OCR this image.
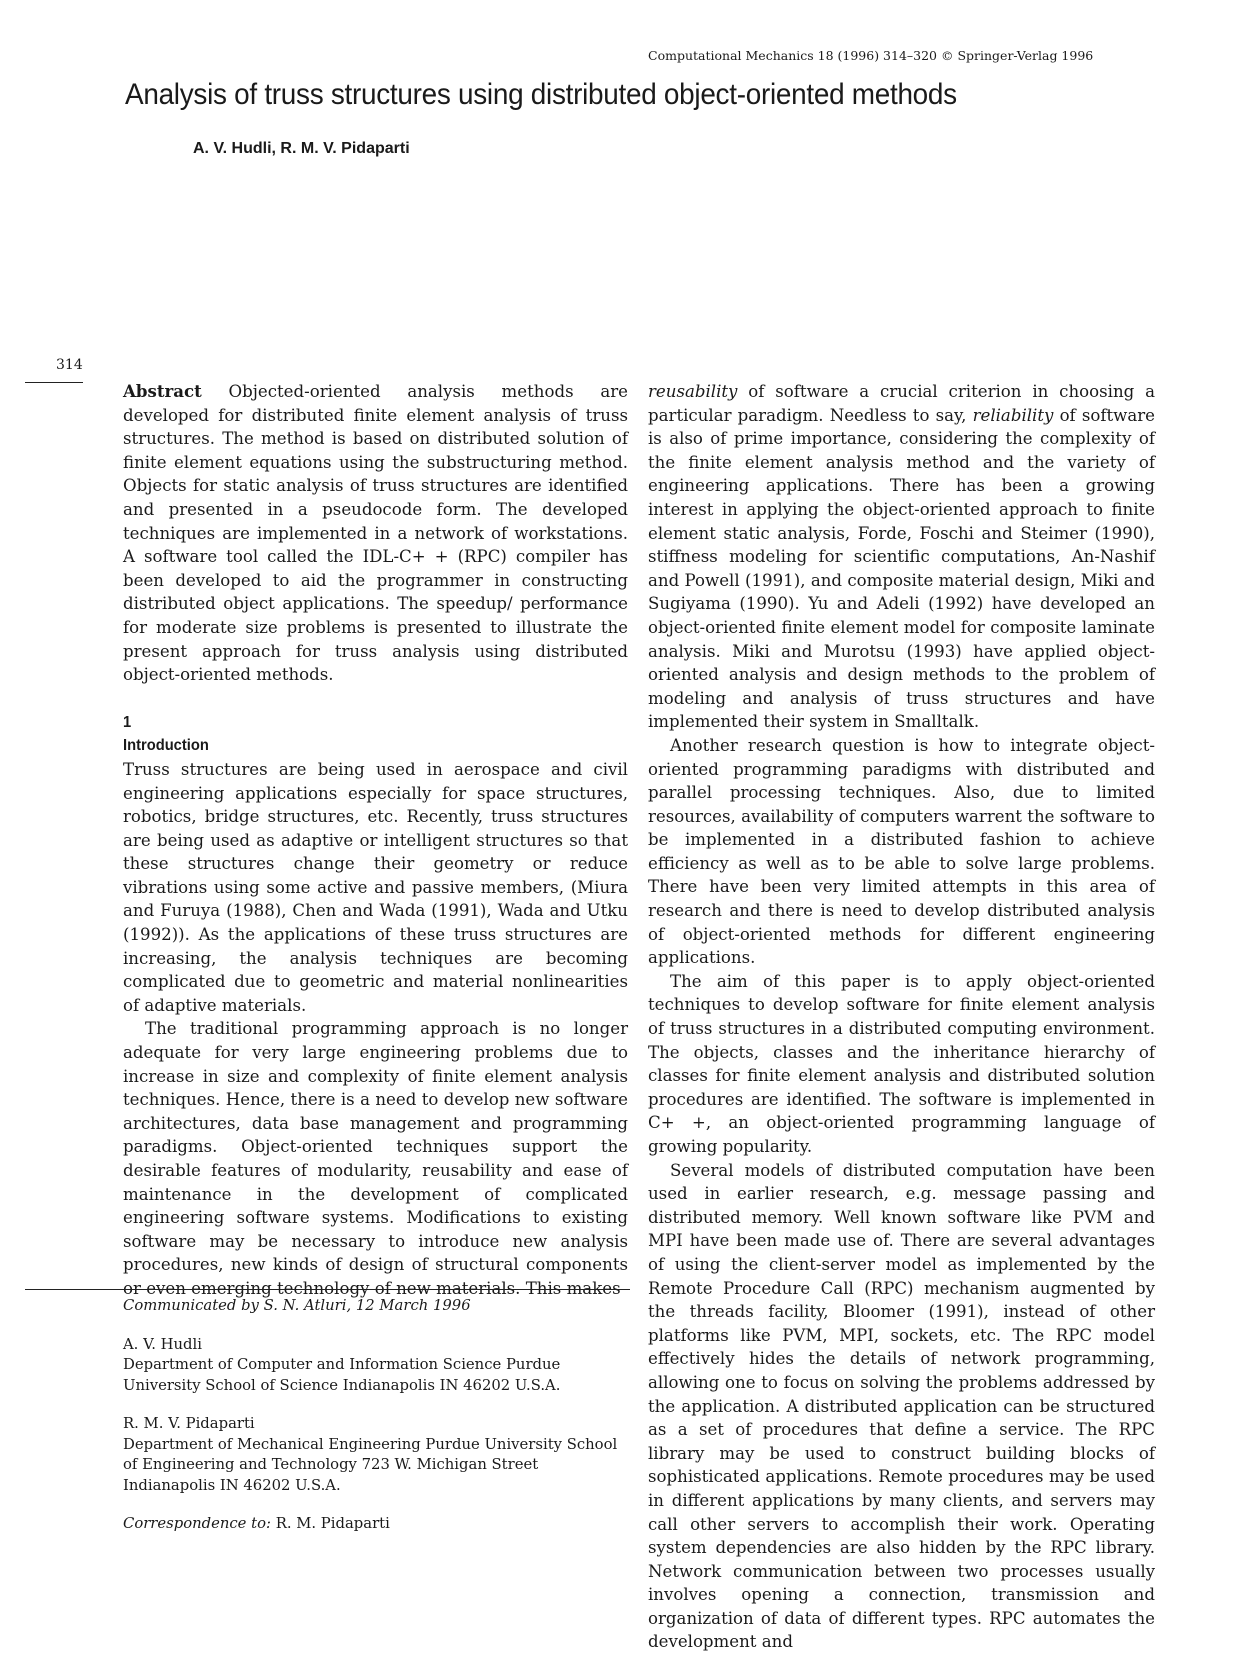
Computational Mechanics 18 (1996) 314–320 © Springer-Verlag 1996
Analysis of truss structures using distributed object-oriented methods
A. V. Hudli, R. M. V. Pidaparti
314

Abstract Objected-oriented analysis methods are developed for distributed finite element analysis of truss structures. The method is based on distributed solution of finite element equations using the substructuring method. Objects for static analysis of truss structures are identified and presented in a pseudocode form. The developed techniques are implemented in a network of workstations. A software tool called the IDL-C+ + (RPC) compiler has been developed to aid the programmer in constructing distributed object applications. The speedup/ performance for moderate size problems is presented to illustrate the present approach for truss analysis using distributed object-oriented methods.

1
Introduction

Truss structures are being used in aerospace and civil engineering applications especially for space structures, robotics, bridge structures, etc. Recently, truss structures are being used as adaptive or intelligent structures so that these structures change their geometry or reduce vibrations using some active and passive members, (Miura and Furuya (1988), Chen and Wada (1991), Wada and Utku (1992)). As the applications of these truss structures are increasing, the analysis techniques are becoming complicated due to geometric and material nonlinearities of adaptive materials.

The traditional programming approach is no longer adequate for very large engineering problems due to increase in size and complexity of finite element analysis techniques. Hence, there is a need to develop new software architectures, data base management and programming paradigms. Object-oriented techniques support the desirable features of modularity, reusability and ease of maintenance in the development of complicated engineering software systems. Modifications to existing software may be necessary to introduce new analysis procedures, new kinds of design of structural components or even emerging technology of new materials. This makes

reusability of software a crucial criterion in choosing a particular paradigm. Needless to say, reliability of software is also of prime importance, considering the complexity of the finite element analysis method and the variety of engineering applications. There has been a growing interest in applying the object-oriented approach to finite element static analysis, Forde, Foschi and Steimer (1990), stiffness modeling for scientific computations, An-Nashif and Powell (1991), and composite material design, Miki and Sugiyama (1990). Yu and Adeli (1992) have developed an object-oriented finite element model for composite laminate analysis. Miki and Murotsu (1993) have applied object-oriented analysis and design methods to the problem of modeling and analysis of truss structures and have implemented their system in Smalltalk.

Another research question is how to integrate object-oriented programming paradigms with distributed and parallel processing techniques. Also, due to limited resources, availability of computers warrent the software to be implemented in a distributed fashion to achieve efficiency as well as to be able to solve large problems. There have been very limited attempts in this area of research and there is need to develop distributed analysis of object-oriented methods for different engineering applications.

The aim of this paper is to apply object-oriented techniques to develop software for finite element analysis of truss structures in a distributed computing environment. The objects, classes and the inheritance hierarchy of classes for finite element analysis and distributed solution procedures are identified. The software is implemented in C+ +, an object-oriented programming language of growing popularity.

Several models of distributed computation have been used in earlier research, e.g. message passing and distributed memory. Well known software like PVM and MPI have been made use of. There are several advantages of using the client-server model as implemented by the Remote Procedure Call (RPC) mechanism augmented by the threads facility, Bloomer (1991), instead of other platforms like PVM, MPI, sockets, etc. The RPC model effectively hides the details of network programming, allowing one to focus on solving the problems addressed by the application. A distributed application can be structured as a set of procedures that define a service. The RPC library may be used to construct building blocks of sophisticated applications. Remote procedures may be used in different applications by many clients, and servers may call other servers to accomplish their work. Operating system dependencies are also hidden by the RPC library. Network communication between two processes usually involves opening a connection, transmission and organization of data of different types. RPC automates the development and

Communicated by S. N. Atluri, 12 March 1996

A. V. Hudli

Department of Computer and Information Science Purdue University School of Science Indianapolis IN 46202 U.S.A.

R. M. V. Pidaparti

Department of Mechanical Engineering Purdue University School of Engineering and Technology 723 W. Michigan Street Indianapolis IN 46202 U.S.A.

Correspondence to: R. M. Pidaparti
